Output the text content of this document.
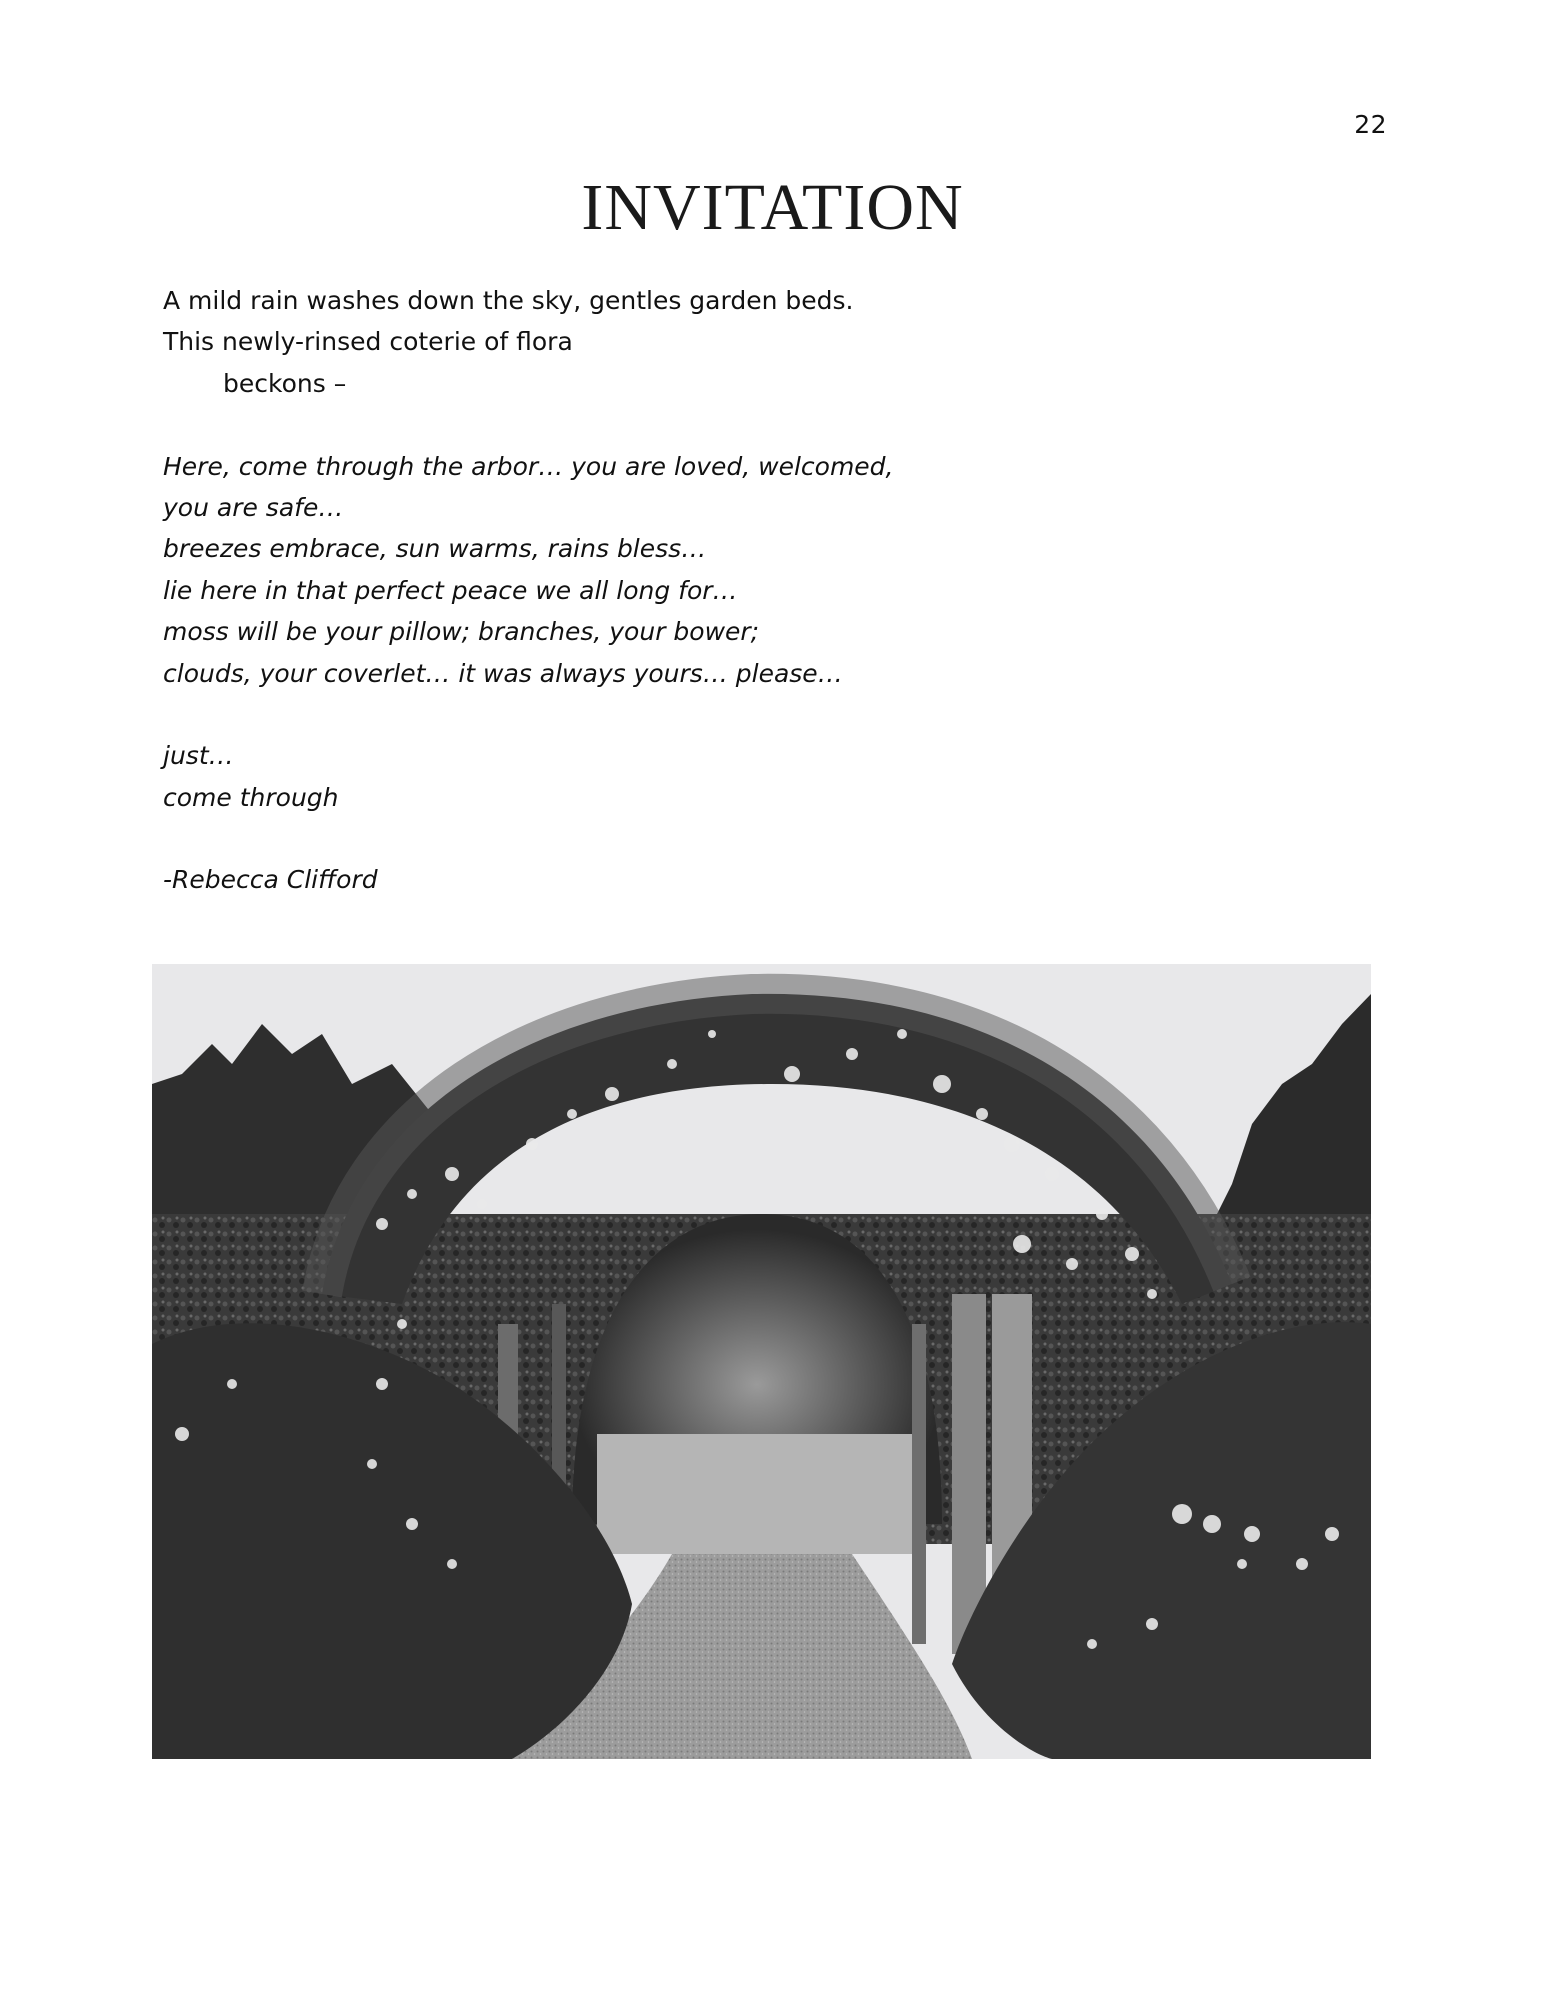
22
INVITATION
A mild rain washes down the sky, gentles garden beds.
This newly-rinsed coterie of flora
beckons –
Here, come through the arbor… you are loved, welcomed,
you are safe…
breezes embrace, sun warms, rains bless…
lie here in that perfect peace we all long for…
moss will be your pillow; branches, your bower;
clouds, your coverlet… it was always yours… please…
just…
come through
-Rebecca Clifford
